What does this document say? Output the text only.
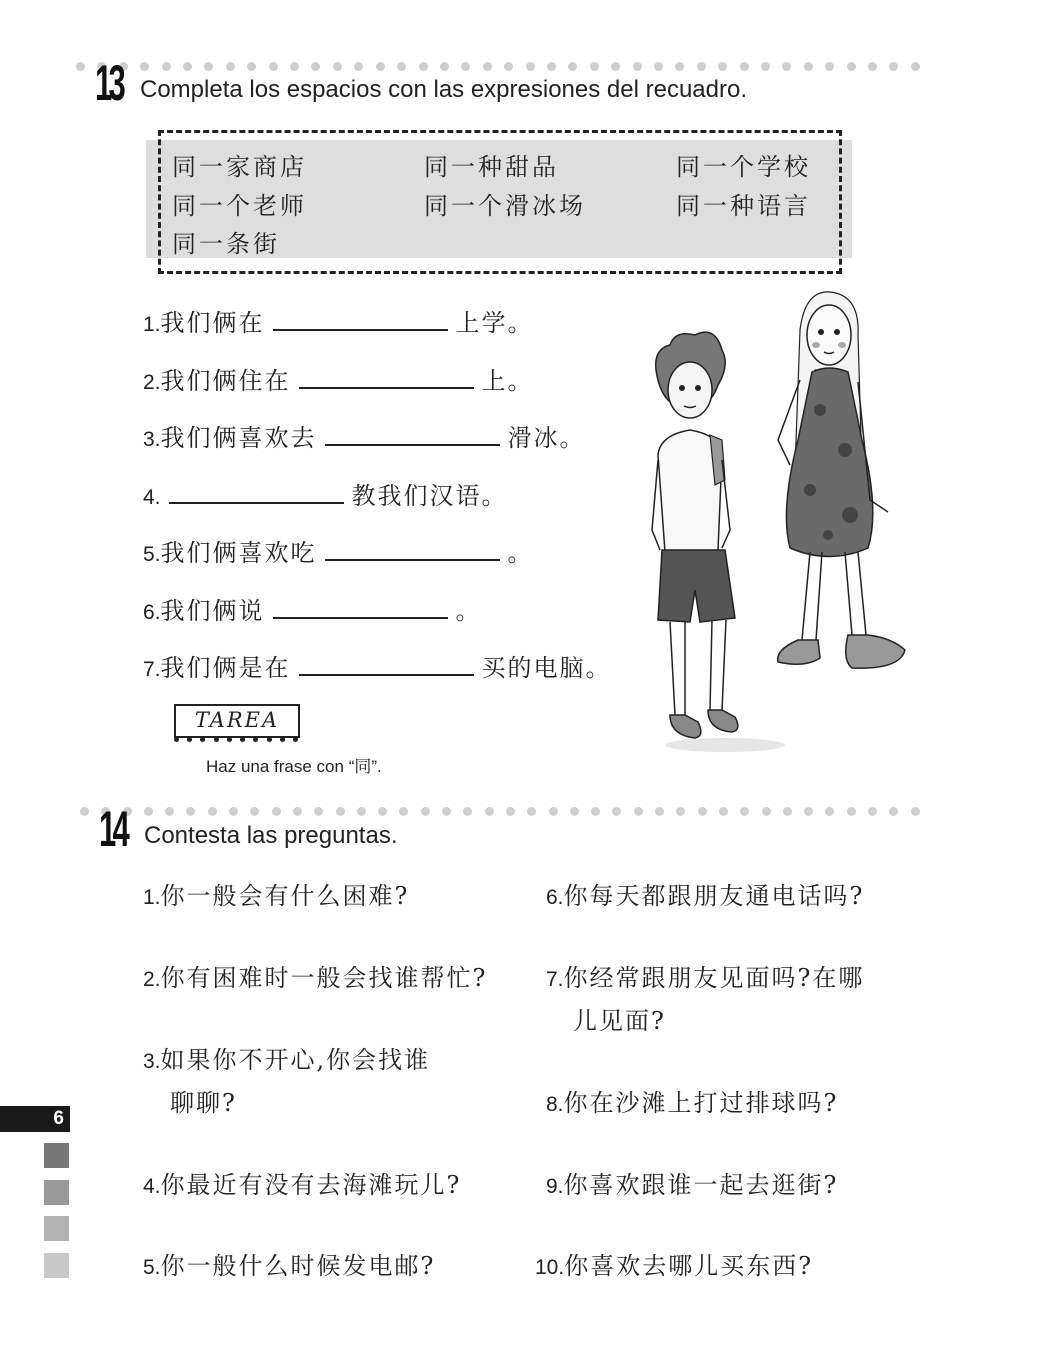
13 Completa los espacios con las expresiones del recuadro.
同一家商店	同一种甜品	同一个学校
同一个老师	同一个滑冰场	同一种语言
同一条街
1.我们俩在	上学。
2.我们俩住在	上。
3.我们俩喜欢去	滑冰。
4.	教我们汉语。
5.我们俩喜欢吃	。
6.我们俩说	。
7.我们俩是在	买的电脑。
TAREA
Haz una frase con “同”.
14 Contesta las preguntas.
1.你一般会有什么困难?
2.你有困难时一般会找谁帮忙?
3.如果你不开心,你会找谁
聊聊?
4.你最近有没有去海滩玩儿?
5.你一般什么时候发电邮?
6.你每天都跟朋友通电话吗?
7.你经常跟朋友见面吗?在哪
儿见面?
8.你在沙滩上打过排球吗?
9.你喜欢跟谁一起去逛街?
10.你喜欢去哪儿买东西?
6
